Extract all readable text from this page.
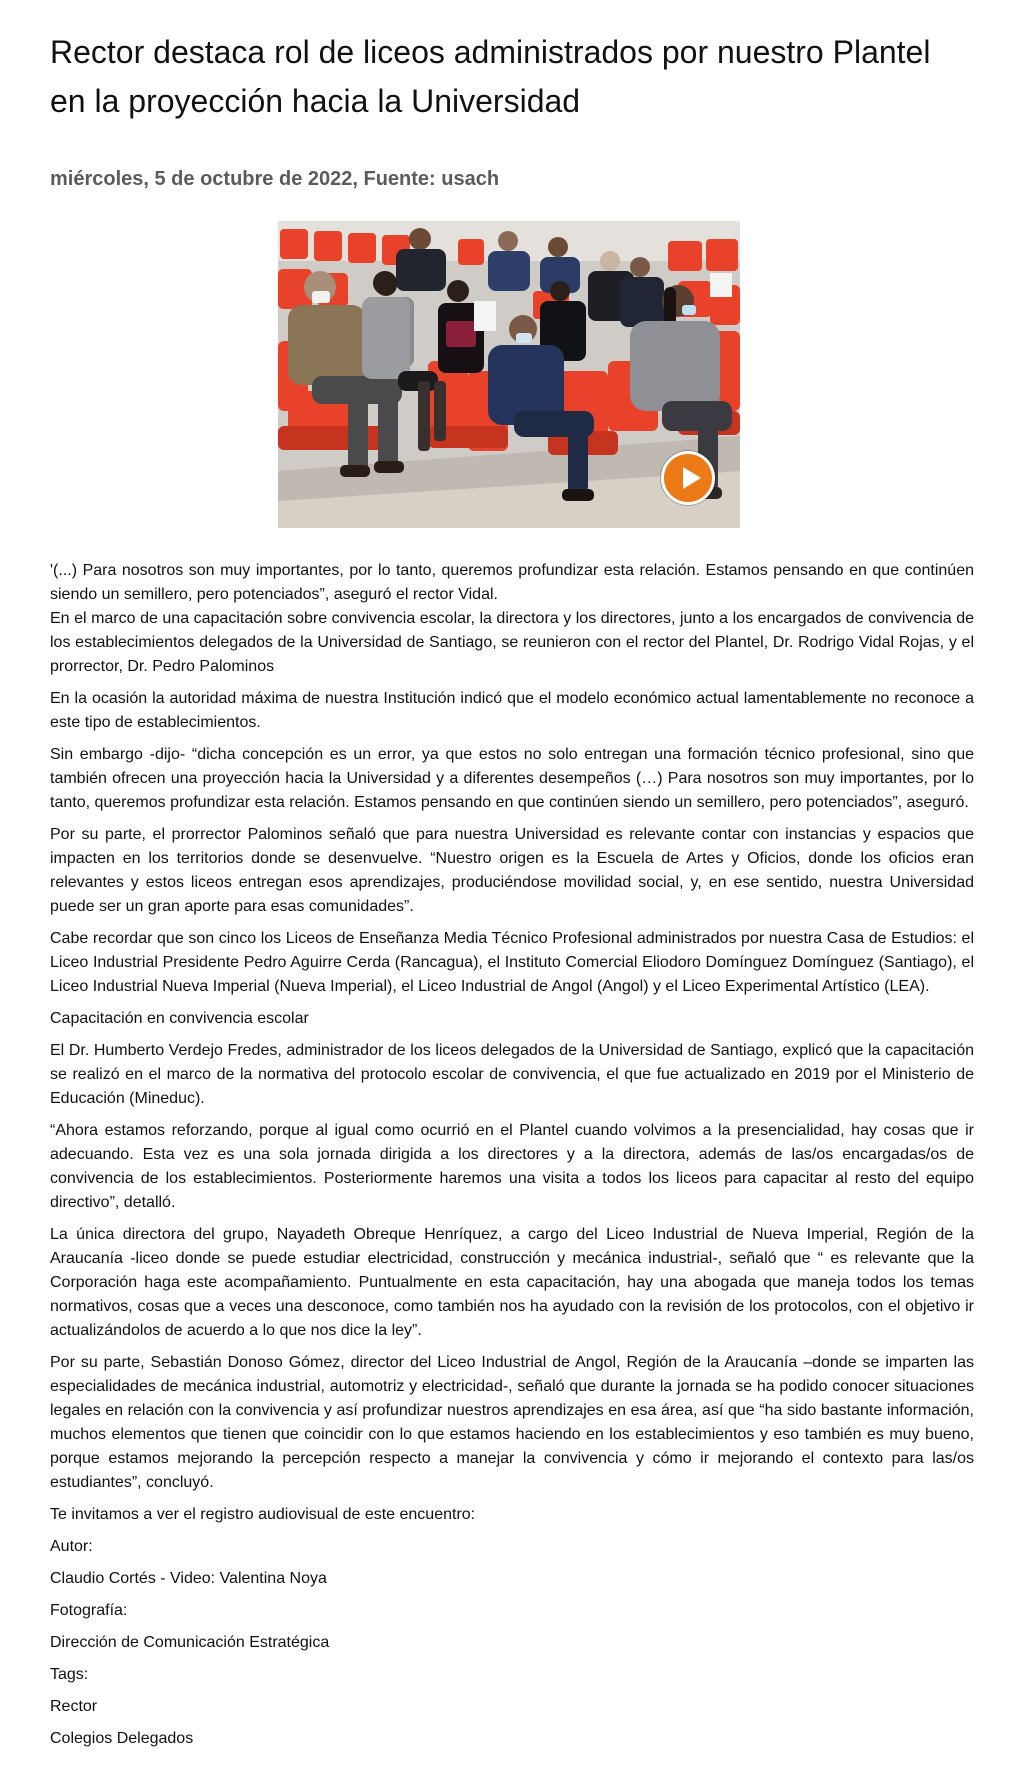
Rector destaca rol de liceos administrados por nuestro Plantel en la proyección hacia la Universidad
miércoles, 5 de octubre de 2022, Fuente: usach

'(...) Para nosotros son muy importantes, por lo tanto, queremos profundizar esta relación. Estamos pensando en que continúen siendo un semillero, pero potenciados”, aseguró el rector Vidal.

En el marco de una capacitación sobre convivencia escolar, la directora y los directores, junto a los encargados de convivencia de los establecimientos delegados de la Universidad de Santiago, se reunieron con el rector del Plantel, Dr. Rodrigo Vidal Rojas, y el prorrector, Dr. Pedro Palominos

En la ocasión la autoridad máxima de nuestra Institución indicó que el modelo económico actual lamentablemente no reconoce a este tipo de establecimientos.

Sin embargo -dijo- “dicha concepción es un error, ya que estos no solo entregan una formación técnico profesional, sino que también ofrecen una proyección hacia la Universidad y a diferentes desempeños (…) Para nosotros son muy importantes, por lo tanto, queremos profundizar esta relación. Estamos pensando en que continúen siendo un semillero, pero potenciados”, aseguró.

Por su parte, el prorrector Palominos señaló que para nuestra Universidad es relevante contar con instancias y espacios que impacten en los territorios donde se desenvuelve. “Nuestro origen es la Escuela de Artes y Oficios, donde los oficios eran relevantes y estos liceos entregan esos aprendizajes, produciéndose movilidad social, y, en ese sentido, nuestra Universidad puede ser un gran aporte para esas comunidades”.

Cabe recordar que son cinco los Liceos de Enseñanza Media Técnico Profesional administrados por nuestra Casa de Estudios: el Liceo Industrial Presidente Pedro Aguirre Cerda (Rancagua), el Instituto Comercial Eliodoro Domínguez Domínguez (Santiago), el Liceo Industrial Nueva Imperial (Nueva Imperial), el Liceo Industrial de Angol (Angol) y el Liceo Experimental Artístico (LEA).

Capacitación en convivencia escolar

El Dr. Humberto Verdejo Fredes, administrador de los liceos delegados de la Universidad de Santiago, explicó que la capacitación se realizó en el marco de la normativa del protocolo escolar de convivencia, el que fue actualizado en 2019 por el Ministerio de Educación (Mineduc).

“Ahora estamos reforzando, porque al igual como ocurrió en el Plantel cuando volvimos a la presencialidad, hay cosas que ir adecuando. Esta vez es una sola jornada dirigida a los directores y a la directora, además de las/os encargadas/os de convivencia de los establecimientos. Posteriormente haremos una visita a todos los liceos para capacitar al resto del equipo directivo”, detalló.

La única directora del grupo, Nayadeth Obreque Henríquez, a cargo del Liceo Industrial de Nueva Imperial, Región de la Araucanía -liceo donde se puede estudiar electricidad, construcción y mecánica industrial-, señaló que “ es relevante que la Corporación haga este acompañamiento. Puntualmente en esta capacitación, hay una abogada que maneja todos los temas normativos, cosas que a veces una desconoce, como también nos ha ayudado con la revisión de los protocolos, con el objetivo ir actualizándolos de acuerdo a lo que nos dice la ley”.

Por su parte, Sebastián Donoso Gómez, director del Liceo Industrial de Angol, Región de la Araucanía –donde se imparten las especialidades de mecánica industrial, automotriz y electricidad-, señaló que durante la jornada se ha podido conocer situaciones legales en relación con la convivencia y así profundizar nuestros aprendizajes en esa área, así que “ha sido bastante información, muchos elementos que tienen que coincidir con lo que estamos haciendo en los establecimientos y eso también es muy bueno, porque estamos mejorando la percepción respecto a manejar la convivencia y cómo ir mejorando el contexto para las/os estudiantes”, concluyó.

Te invitamos a ver el registro audiovisual de este encuentro:

Autor:

Claudio Cortés - Video: Valentina Noya

Fotografía:

Dirección de Comunicación Estratégica

Tags:

Rector

Colegios Delegados
